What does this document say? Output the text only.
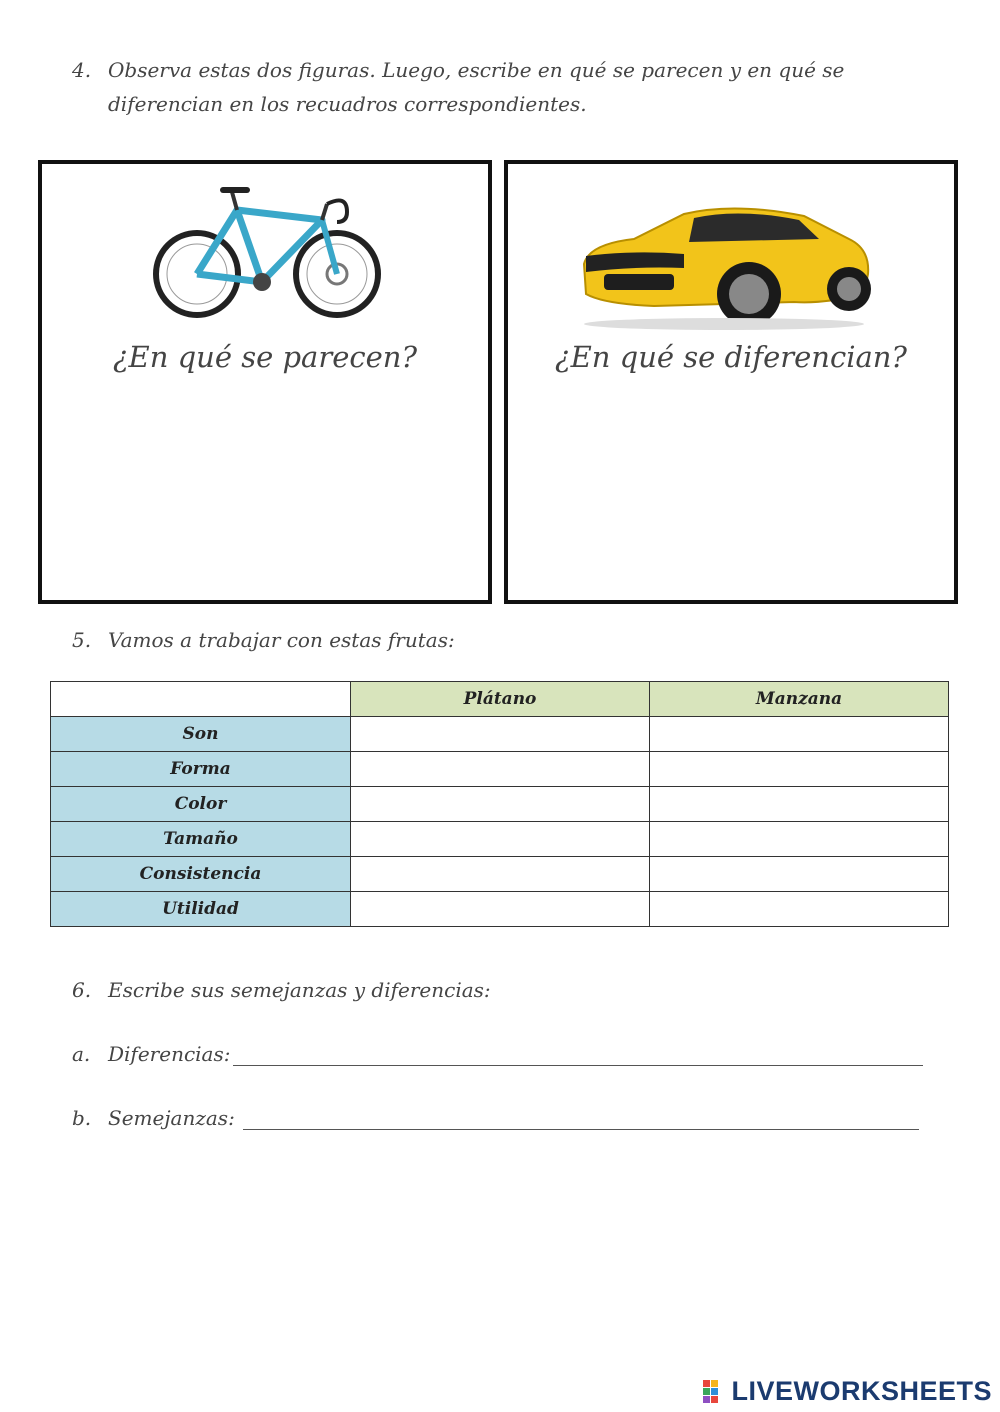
4. Observa estas dos figuras. Luego, escribe en qué se parecen y en qué se
diferencian en los recuadros correspondientes.
¿En qué se parecen?	¿En qué se diferencian?
5. Vamos a trabajar con estas frutas:
	Plátano	Manzana
Son		
Forma		
Color		
Tamaño		
Consistencia		
Utilidad		
6. Escribe sus semejanzas y diferencias:
a. Diferencias:
b. Semejanzas:
LIVEWORKSHEETS
